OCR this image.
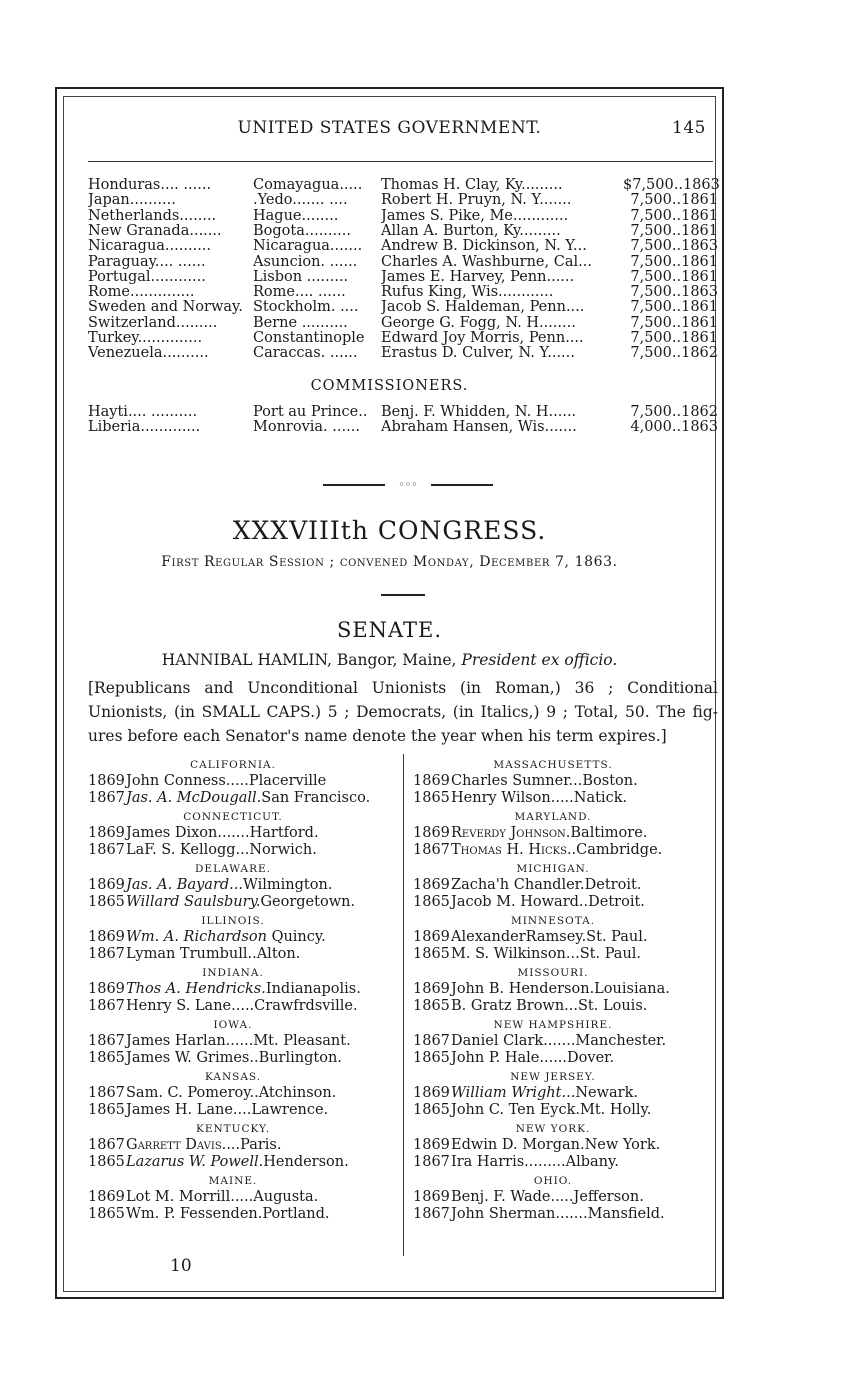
UNITED STATES GOVERNMENT.	145
Honduras.... ......	Comayagua.....	Thomas H. Clay, Ky.........	$7,500..1863
Japan..........	.Yedo....... ....	Robert H. Pruyn, N. Y.......	7,500..1861
Netherlands........	Hague........	James S. Pike, Me............	7,500..1861
New Granada.......	Bogota..........	Allan A. Burton, Ky.........	7,500..1861
Nicaragua..........	Nicaragua.......	Andrew B. Dickinson, N. Y...	7,500..1863
Paraguay.... ......	Asuncion. ......	Charles A. Washburne, Cal...	7,500..1861
Portugal............	Lisbon .........	James E. Harvey, Penn......	7,500..1861
Rome..............	Rome.... ......	Rufus King, Wis............	7,500..1863
Sweden and Norway. Stockholm. ....	Jacob S. Haldeman, Penn....	7,500..1861
Switzerland.........	Berne ..........	George G. Fogg, N. H........	7,500..1861
Turkey..............	Constantinople	Edward Joy Morris, Penn....	7,500..1861
Venezuela..........	Caraccas. ......	Erastus D. Culver, N. Y......	7,500..1862
COMMISSIONERS.
Hayti.... ..........	Port au Prince.. Benj. F. Whidden, N. H......	7,500..1862
Liberia.............	Monrovia. ......	Abraham Hansen, Wis.......	4,000..1863
◦◦◦
XXXVIIIth CONGRESS.
First Regular Session ; convened Monday, December 7, 1863.
SENATE.
HANNIBAL HAMLIN, Bangor, Maine, President ex officio.
[Republicans and Unconditional Unionists (in Roman,) 36 ; Conditional
Unionists, (in SMALL CAPS.) 5 ; Democrats, (in Italics,) 9 ; Total, 50. The fig-
ures before each Senator's name denote the year when his term expires.]
CALIFORNIA.
1869John Conness.....Placerville
1867Jas. A. McDougall.San Francisco.
CONNECTICUT.
1869James Dixon.......Hartford.
1867LaF. S. Kellogg...Norwich.
DELAWARE.
1869Jas. A. Bayard...Wilmington.
1865Willard Saulsbury.Georgetown.
ILLINOIS.
1869Wm. A. Richardson Quincy.
1867Lyman Trumbull..Alton.
INDIANA.
1869Thos A. Hendricks.Indianapolis.
1867Henry S. Lane.....Crawfrdsville.
IOWA.
1867James Harlan......Mt. Pleasant.
1865James W. Grimes..Burlington.
KANSAS.
1867Sam. C. Pomeroy..Atchinson.
1865James H. Lane....Lawrence.
KENTUCKY.
1867Garrett Davis....Paris.
1865Lazarus W. Powell.Henderson.
MAINE.
1869Lot M. Morrill.....Augusta.
1865Wm. P. Fessenden.Portland.
MASSACHUSETTS.
1869Charles Sumner...Boston.
1865Henry Wilson.....Natick.
MARYLAND.
1869Reverdy Johnson.Baltimore.
1867Thomas H. Hicks..Cambridge.
MICHIGAN.
1869Zacha'h Chandler.Detroit.
1865Jacob M. Howard..Detroit.
MINNESOTA.
1869AlexanderRamsey.St. Paul.
1865M. S. Wilkinson...St. Paul.
MISSOURI.
1869John B. Henderson.Louisiana.
1865B. Gratz Brown...St. Louis.
NEW HAMPSHIRE.
1867Daniel Clark.......Manchester.
1865John P. Hale......Dover.
NEW JERSEY.
1869William Wright...Newark.
1865John C. Ten Eyck.Mt. Holly.
NEW YORK.
1869Edwin D. Morgan.New York.
1867Ira Harris.........Albany.
OHIO.
1869Benj. F. Wade.....Jefferson.
1867John Sherman.......Mansfield.
10
